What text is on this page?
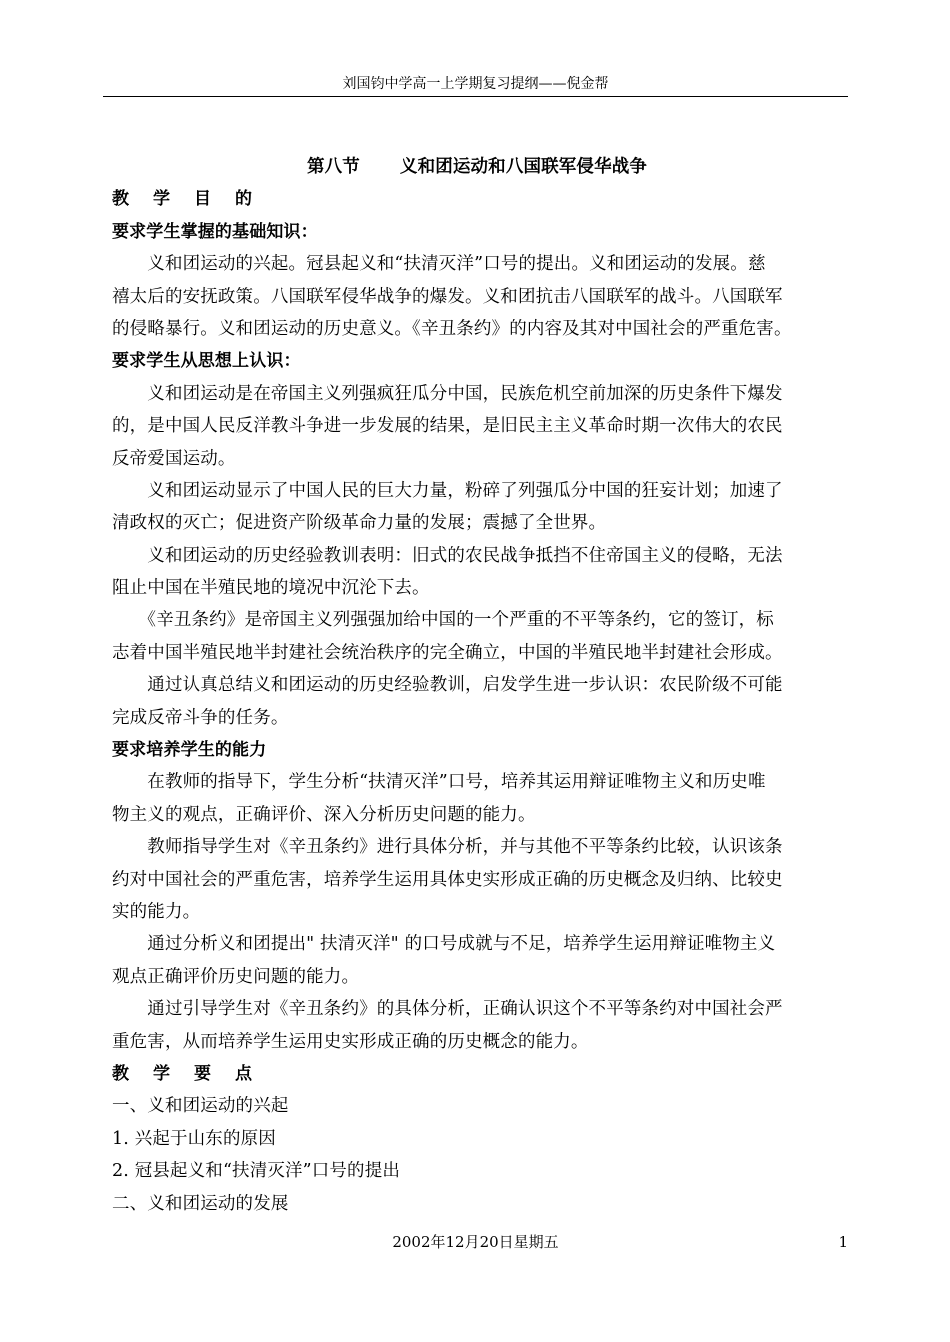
刘国钧中学高一上学期复习提纲——倪金帮
第八节 义和团运动和八国联军侵华战争
教学目的
要求学生掌握的基础知识：
　　义和团运动的兴起。冠县起义和“扶清灭洋”口号的提出。义和团运动的发展。慈
禧太后的安抚政策。八国联军侵华战争的爆发。义和团抗击八国联军的战斗。八国联军
的侵略暴行。义和团运动的历史意义。《辛丑条约》的内容及其对中国社会的严重危害。
要求学生从思想上认识：
　　义和团运动是在帝国主义列强疯狂瓜分中国，民族危机空前加深的历史条件下爆发
的，是中国人民反洋教斗争进一步发展的结果，是旧民主主义革命时期一次伟大的农民
反帝爱国运动。
　　义和团运动显示了中国人民的巨大力量，粉碎了列强瓜分中国的狂妄计划；加速了
清政权的灭亡；促进资产阶级革命力量的发展；震撼了全世界。
　　义和团运动的历史经验教训表明：旧式的农民战争抵挡不住帝国主义的侵略，无法
阻止中国在半殖民地的境况中沉沦下去。
　　《辛丑条约》是帝国主义列强强加给中国的一个严重的不平等条约，它的签订，标
志着中国半殖民地半封建社会统治秩序的完全确立，中国的半殖民地半封建社会形成。
　　通过认真总结义和团运动的历史经验教训，启发学生进一步认识：农民阶级不可能
完成反帝斗争的任务。
要求培养学生的能力
　　在教师的指导下，学生分析“扶清灭洋”口号，培养其运用辩证唯物主义和历史唯
物主义的观点，正确评价、深入分析历史问题的能力。
　　教师指导学生对《辛丑条约》进行具体分析，并与其他不平等条约比较，认识该条
约对中国社会的严重危害，培养学生运用具体史实形成正确的历史概念及归纳、比较史
实的能力。
　　通过分析义和团提出" 扶清灭洋" 的口号成就与不足，培养学生运用辩证唯物主义
观点正确评价历史问题的能力。
　　通过引导学生对《辛丑条约》的具体分析，正确认识这个不平等条约对中国社会严
重危害，从而培养学生运用史实形成正确的历史概念的能力。
教学要点
一、义和团运动的兴起
1. 兴起于山东的原因
2. 冠县起义和“扶清灭洋”口号的提出
二、义和团运动的发展
2002年12月20日星期五	1
